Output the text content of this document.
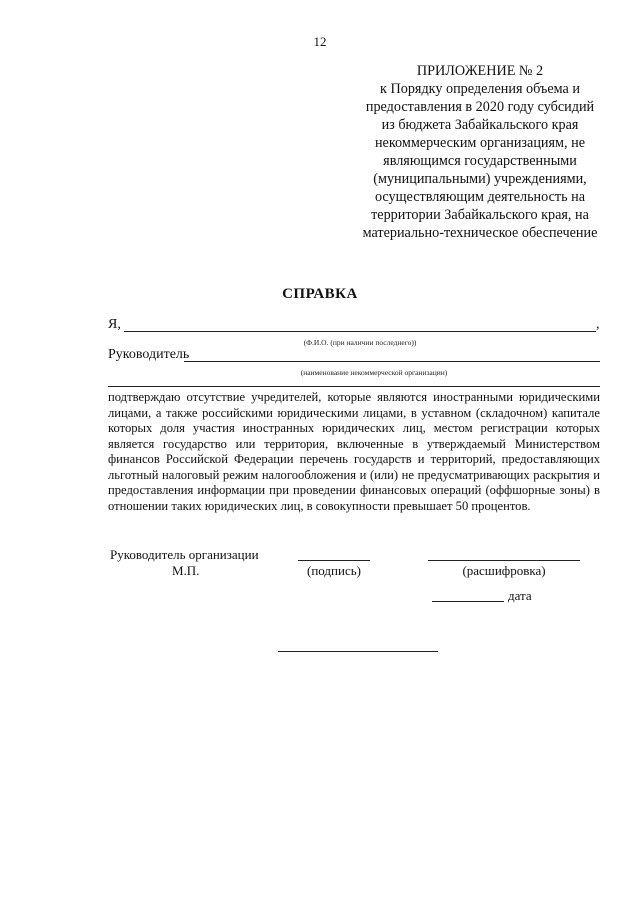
12
ПРИЛОЖЕНИЕ № 2
к Порядку определения объема и
предоставления в 2020 году субсидий
из бюджета Забайкальского края
некоммерческим организациям, не
являющимся государственными
(муниципальными) учреждениями,
осуществляющим деятельность на
территории Забайкальского края, на
материально-техническое обеспечение
СПРАВКА
Я,	,
(Ф.И.О. (при наличии последнего))
Руководитель
(наименование некоммерческой организации)
подтверждаю отсутствие учредителей, которые являются иностранными юридическими лицами, а также российскими юридическими лицами, в уставном (складочном) капитале которых доля участия иностранных юридических лиц, местом регистрации которых является государство или территория, включенные в утверждаемый Министерством финансов Российской Федерации перечень государств и территорий, предоставляющих льготный налоговый режим налогообложения и (или) не предусматривающих раскрытия и предоставления информации при проведении финансовых операций (оффшорные зоны) в отношении таких юридических лиц, в совокупности превышает 50 процентов.
Руководитель организации
М.П.	(подпись)	(расшифровка)
дата
